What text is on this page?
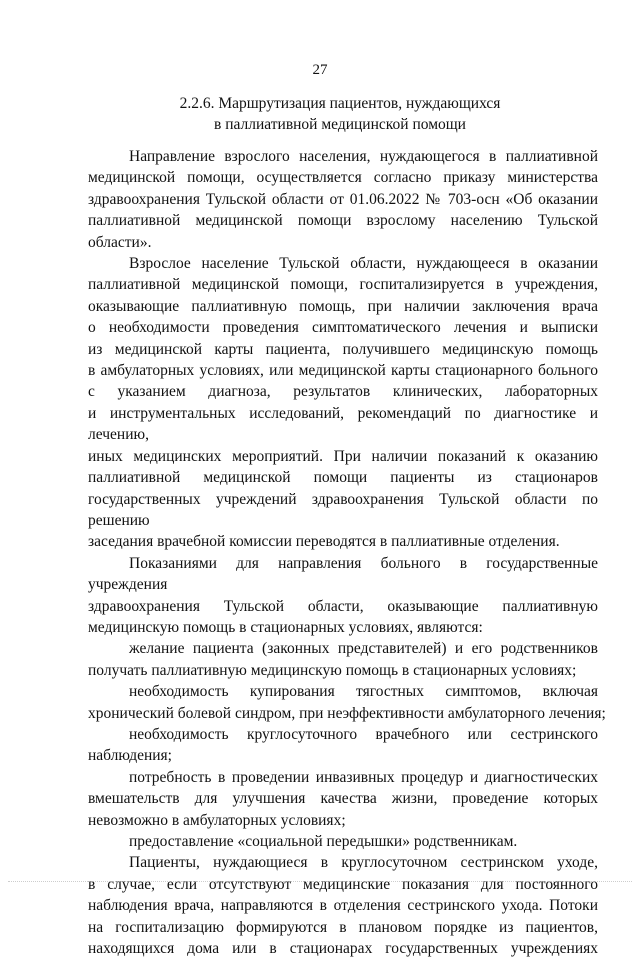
27
2.2.6. Маршрутизация пациентов, нуждающихся
в паллиативной медицинской помощи
Направление взрослого населения, нуждающегося в паллиативной
медицинской помощи, осуществляется согласно приказу министерства
здравоохранения Тульской области от 01.06.2022 № 703-осн «Об оказании
паллиативной медицинской помощи взрослому населению Тульской
области».
Взрослое население Тульской области, нуждающееся в оказании
паллиативной медицинской помощи, госпитализируется в учреждения,
оказывающие паллиативную помощь, при наличии заключения врача
о необходимости проведения симптоматического лечения и выписки
из медицинской карты пациента, получившего медицинскую помощь
в амбулаторных условиях, или медицинской карты стационарного больного
с указанием диагноза, результатов клинических, лабораторных
и инструментальных исследований, рекомендаций по диагностике и лечению,
иных медицинских мероприятий. При наличии показаний к оказанию
паллиативной медицинской помощи пациенты из стационаров
государственных учреждений здравоохранения Тульской области по решению
заседания врачебной комиссии переводятся в паллиативные отделения.
Показаниями для направления больного в государственные учреждения
здравоохранения Тульской области, оказывающие паллиативную
медицинскую помощь в стационарных условиях, являются:
желание пациента (законных представителей) и его родственников
получать паллиативную медицинскую помощь в стационарных условиях;
необходимость купирования тягостных симптомов, включая
хронический болевой синдром, при неэффективности амбулаторного лечения;
необходимость круглосуточного врачебного или сестринского
наблюдения;
потребность в проведении инвазивных процедур и диагностических
вмешательств для улучшения качества жизни, проведение которых
невозможно в амбулаторных условиях;
предоставление «социальной передышки» родственникам.
Пациенты, нуждающиеся в круглосуточном сестринском уходе,
в случае, если отсутствуют медицинские показания для постоянного
наблюдения врача, направляются в отделения сестринского ухода. Потоки
на госпитализацию формируются в плановом порядке из пациентов,
находящихся дома или в стационарах государственных учреждениях
